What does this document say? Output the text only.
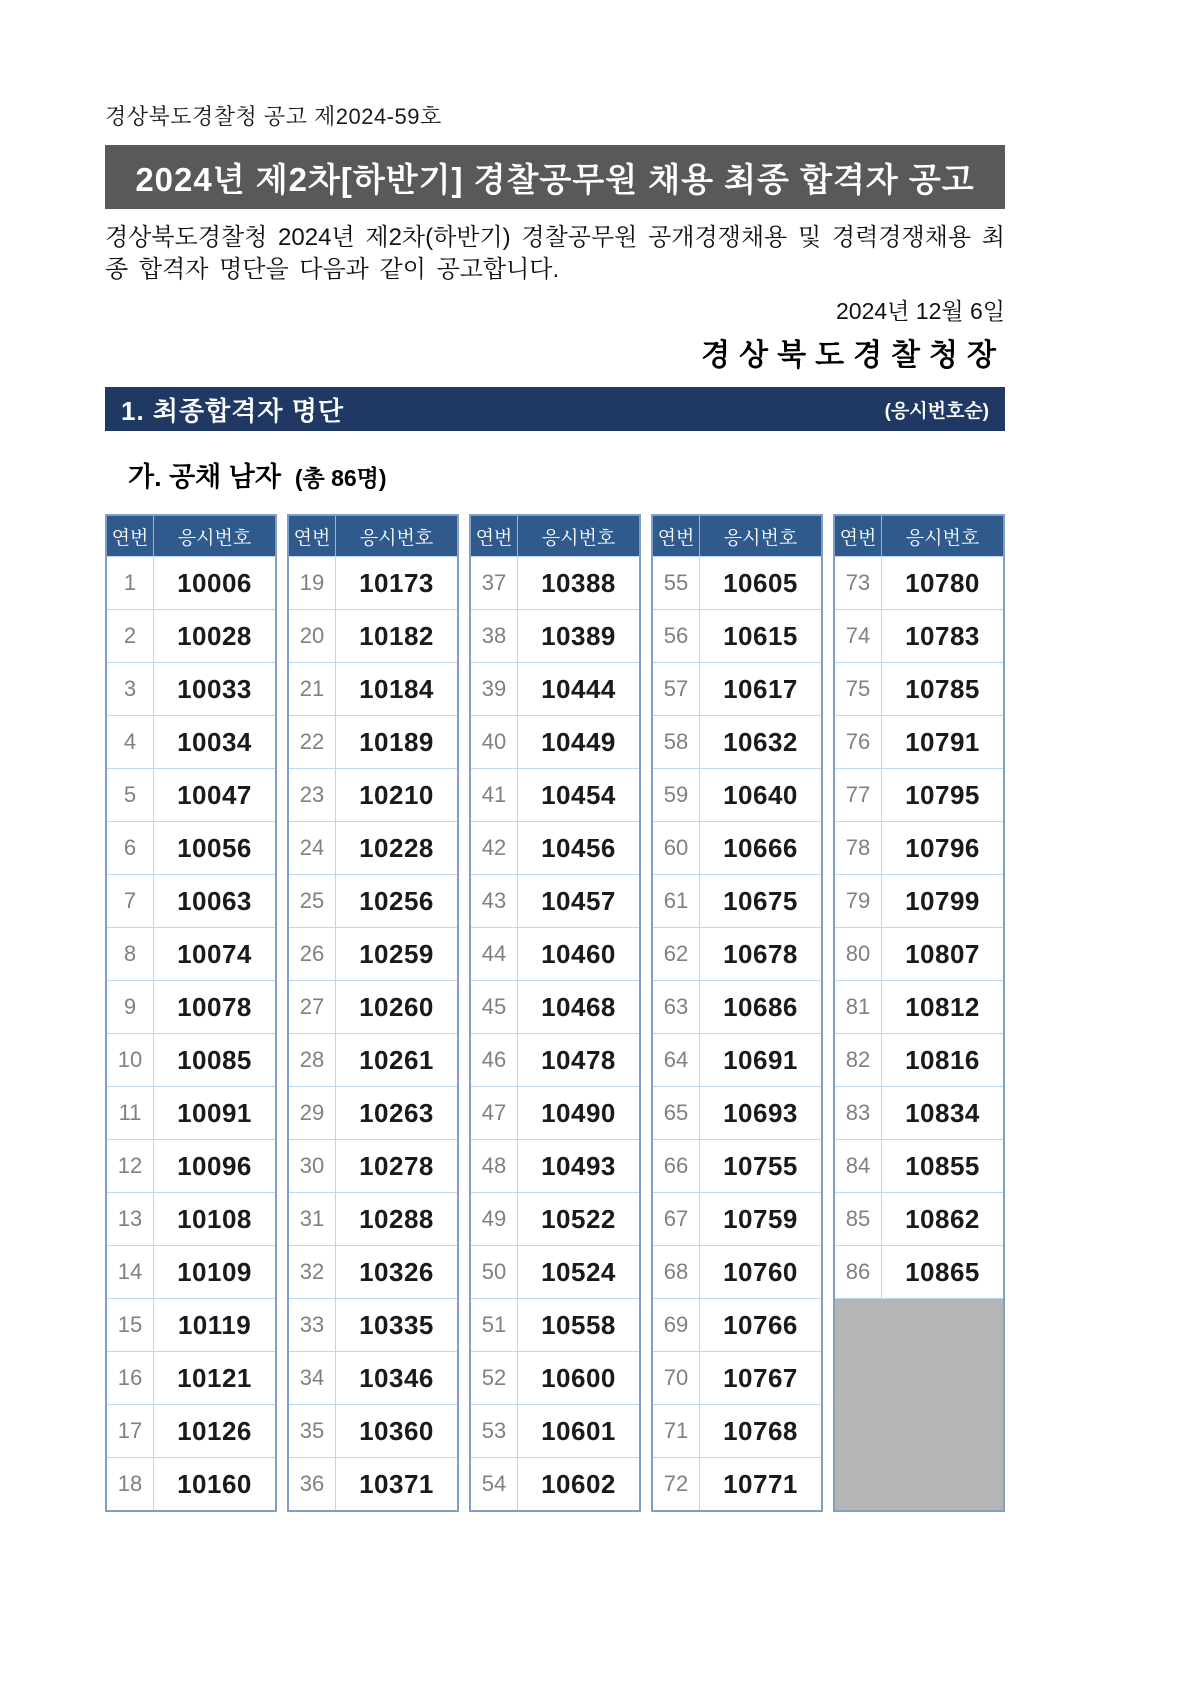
경상북도경찰청 공고 제2024-59호
2024년 제2차[하반기] 경찰공무원 채용 최종 합격자 공고
경상북도경찰청 2024년 제2차(하반기) 경찰공무원 공개경쟁채용 및 경력경쟁채용 최종 합격자 명단을 다음과 같이 공고합니다.
2024년 12월 6일
경상북도경찰청장
1. 최종합격자 명단	(응시번호순)
가. 공채 남자 (총 86명)
연번	응시번호
1	10006
2	10028
3	10033
4	10034
5	10047
6	10056
7	10063
8	10074
9	10078
10	10085
11	10091
12	10096
13	10108
14	10109
15	10119
16	10121
17	10126
18	10160
연번	응시번호
19	10173
20	10182
21	10184
22	10189
23	10210
24	10228
25	10256
26	10259
27	10260
28	10261
29	10263
30	10278
31	10288
32	10326
33	10335
34	10346
35	10360
36	10371
연번	응시번호
37	10388
38	10389
39	10444
40	10449
41	10454
42	10456
43	10457
44	10460
45	10468
46	10478
47	10490
48	10493
49	10522
50	10524
51	10558
52	10600
53	10601
54	10602
연번	응시번호
55	10605
56	10615
57	10617
58	10632
59	10640
60	10666
61	10675
62	10678
63	10686
64	10691
65	10693
66	10755
67	10759
68	10760
69	10766
70	10767
71	10768
72	10771
연번	응시번호
73	10780
74	10783
75	10785
76	10791
77	10795
78	10796
79	10799
80	10807
81	10812
82	10816
83	10834
84	10855
85	10862
86	10865
